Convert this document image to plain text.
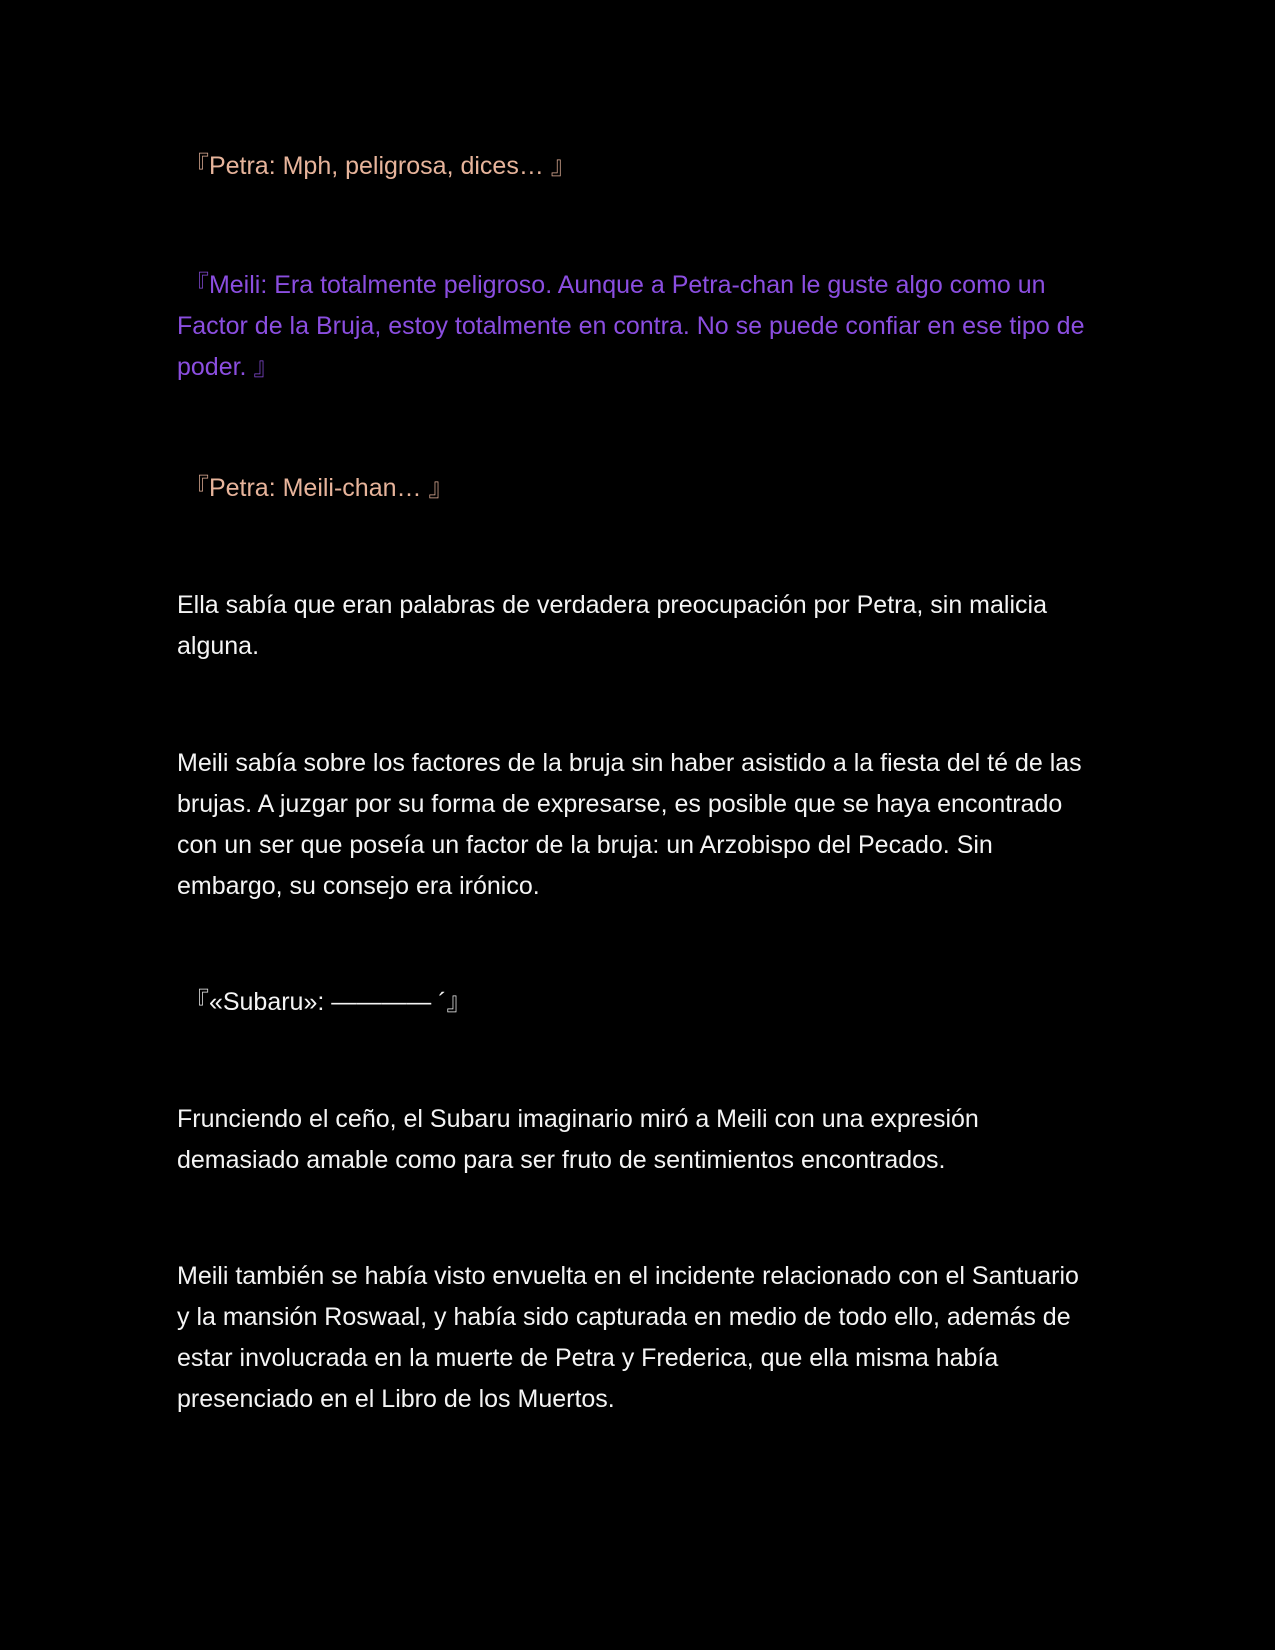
『Petra: Mph, peligrosa, dices… 』

『Meili: Era totalmente peligroso. Aunque a Petra-chan le guste algo como un Factor de la Bruja, estoy totalmente en contra. No se puede confiar en ese tipo de poder. 』

『Petra: Meili-chan… 』

Ella sabía que eran palabras de verdadera preocupación por Petra, sin malicia alguna.

Meili sabía sobre los factores de la bruja sin haber asistido a la fiesta del té de las brujas. A juzgar por su forma de expresarse, es posible que se haya encontrado con un ser que poseía un factor de la bruja: un Arzobispo del Pecado. Sin embargo, su consejo era irónico.

『«Subaru»: ———— ´』

Frunciendo el ceño, el Subaru imaginario miró a Meili con una expresión demasiado amable como para ser fruto de sentimientos encontrados.

Meili también se había visto envuelta en el incidente relacionado con el Santuario y la mansión Roswaal, y había sido capturada en medio de todo ello, además de estar involucrada en la muerte de Petra y Frederica, que ella misma había presenciado en el Libro de los Muertos.
